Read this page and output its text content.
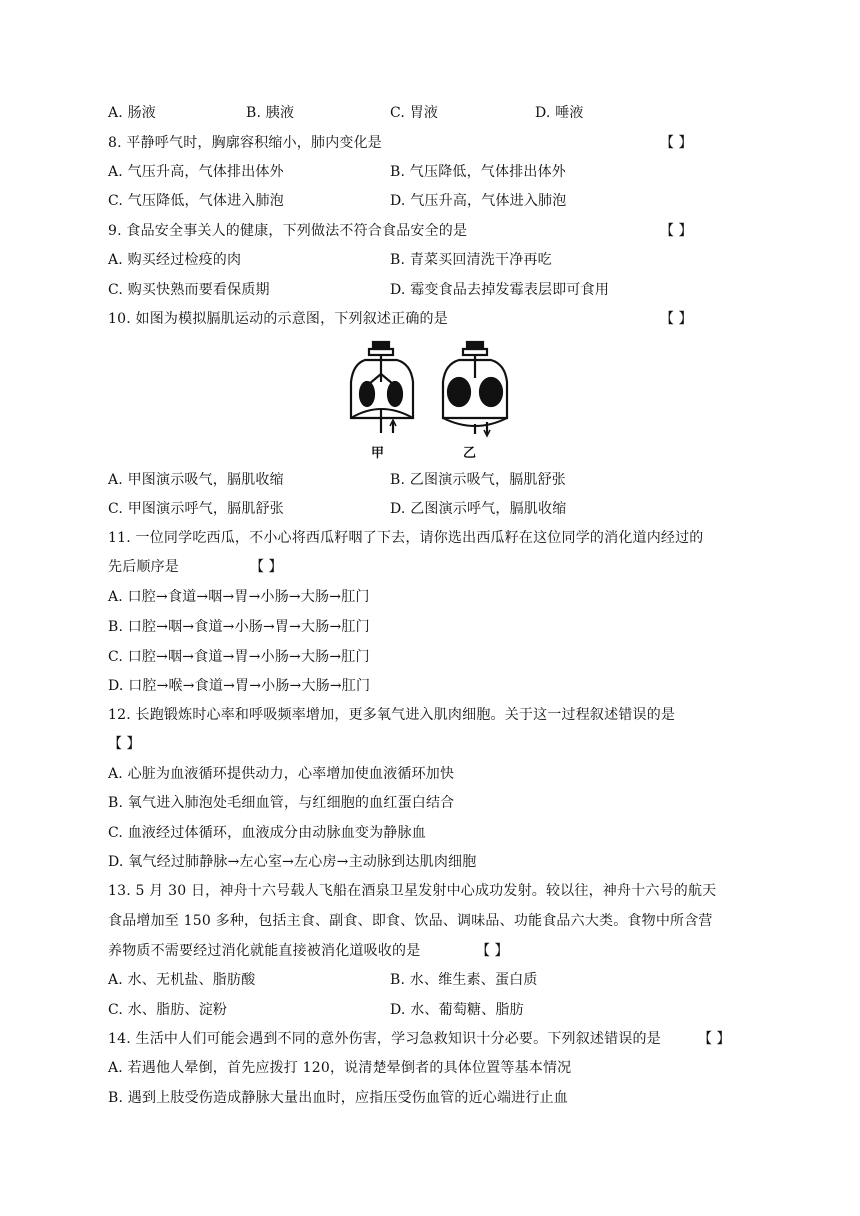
A. 肠液	B. 胰液	C. 胃液	D. 唾液
8. 平静呼气时，胸廓容积缩小，肺内变化是	【 】
A. 气压升高，气体排出体外	B. 气压降低，气体排出体外
C. 气压降低，气体进入肺泡	D. 气压升高，气体进入肺泡
9. 食品安全事关人的健康，下列做法不符合食品安全的是	【 】
A. 购买经过检疫的肉	B. 青菜买回清洗干净再吃
C. 购买快熟而要看保质期	D. 霉变食品去掉发霉表层即可食用
10. 如图为模拟膈肌运动的示意图，下列叙述正确的是	【 】
甲	乙
A. 甲图演示吸气，膈肌收缩	B. 乙图演示吸气，膈肌舒张
C. 甲图演示呼气，膈肌舒张	D. 乙图演示呼气，膈肌收缩
11. 一位同学吃西瓜，不小心将西瓜籽咽了下去，请你选出西瓜籽在这位同学的消化道内经过的
先后顺序是	【 】
A. 口腔→食道→咽→胃→小肠→大肠→肛门
B. 口腔→咽→食道→小肠→胃→大肠→肛门
C. 口腔→咽→食道→胃→小肠→大肠→肛门
D. 口腔→喉→食道→胃→小肠→大肠→肛门
12. 长跑锻炼时心率和呼吸频率增加，更多氧气进入肌肉细胞。关于这一过程叙述错误的是
【 】
A. 心脏为血液循环提供动力，心率增加使血液循环加快
B. 氧气进入肺泡处毛细血管，与红细胞的血红蛋白结合
C. 血液经过体循环，血液成分由动脉血变为静脉血
D. 氧气经过肺静脉→左心室→左心房→主动脉到达肌肉细胞
13. 5 月 30 日，神舟十六号载人飞船在酒泉卫星发射中心成功发射。较以往，神舟十六号的航天
食品增加至 150 多种，包括主食、副食、即食、饮品、调味品、功能食品六大类。食物中所含营
养物质不需要经过消化就能直接被消化道吸收的是	【 】
A. 水、无机盐、脂肪酸	B. 水、维生素、蛋白质
C. 水、脂肪、淀粉	D. 水、葡萄糖、脂肪
14. 生活中人们可能会遇到不同的意外伤害，学习急救知识十分必要。下列叙述错误的是	【 】
A. 若遇他人晕倒，首先应拨打 120，说清楚晕倒者的具体位置等基本情况
B. 遇到上肢受伤造成静脉大量出血时，应指压受伤血管的近心端进行止血
